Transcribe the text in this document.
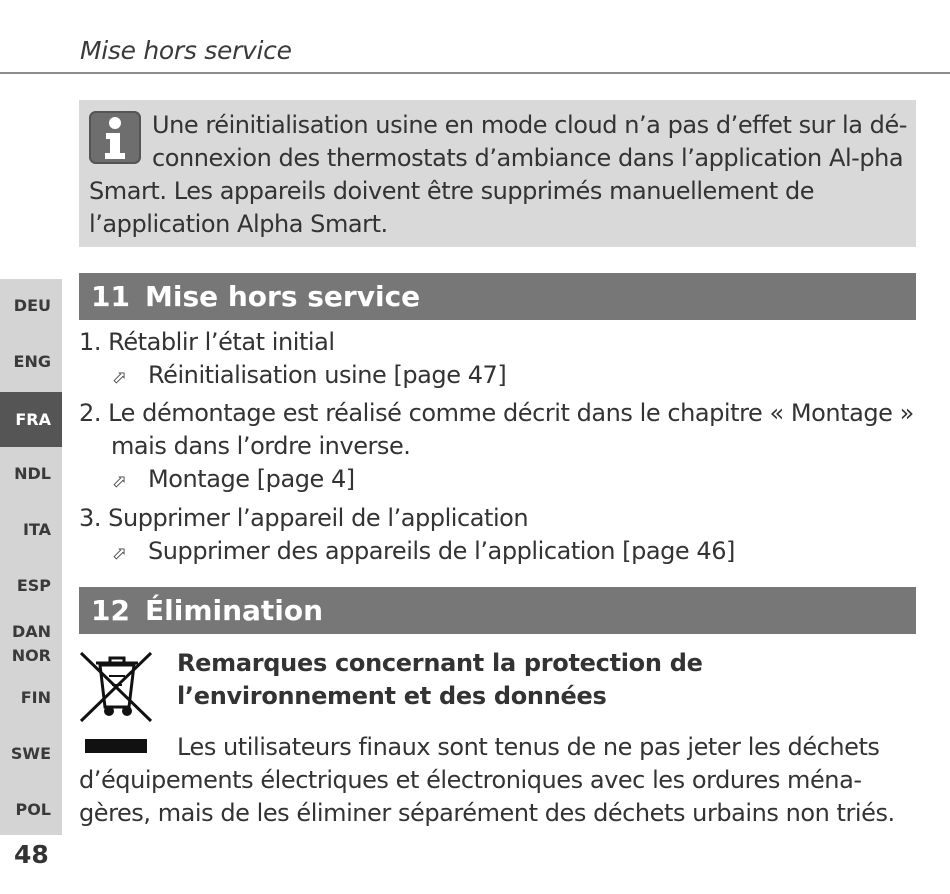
Mise hors service
Une réinitialisation usine en mode cloud n’a pas d’effet sur la dé-connexion des thermostats d’ambiance dans l’application Al-pha Smart. Les appareils doivent être supprimés manuellement de l’application Alpha Smart.
11 Mise hors service
1. Rétablir l’état initial
⬀ Réinitialisation usine [page 47]
2. Le démontage est réalisé comme décrit dans le chapitre « Montage »
mais dans l’ordre inverse.
⬀ Montage [page 4]
3. Supprimer l’appareil de l’application
⬀ Supprimer des appareils de l’application [page 46]
12 Élimination
Remarques concernant la protection de l’environnement et des données
Les utilisateurs finaux sont tenus de ne pas jeter les déchets d’équipements électriques et électroniques avec les ordures ména-gères, mais de les éliminer séparément des déchets urbains non triés.
DEU
ENG
FRA
NDL
ITA
ESP
DAN
NOR
FIN
SWE
POL
48
